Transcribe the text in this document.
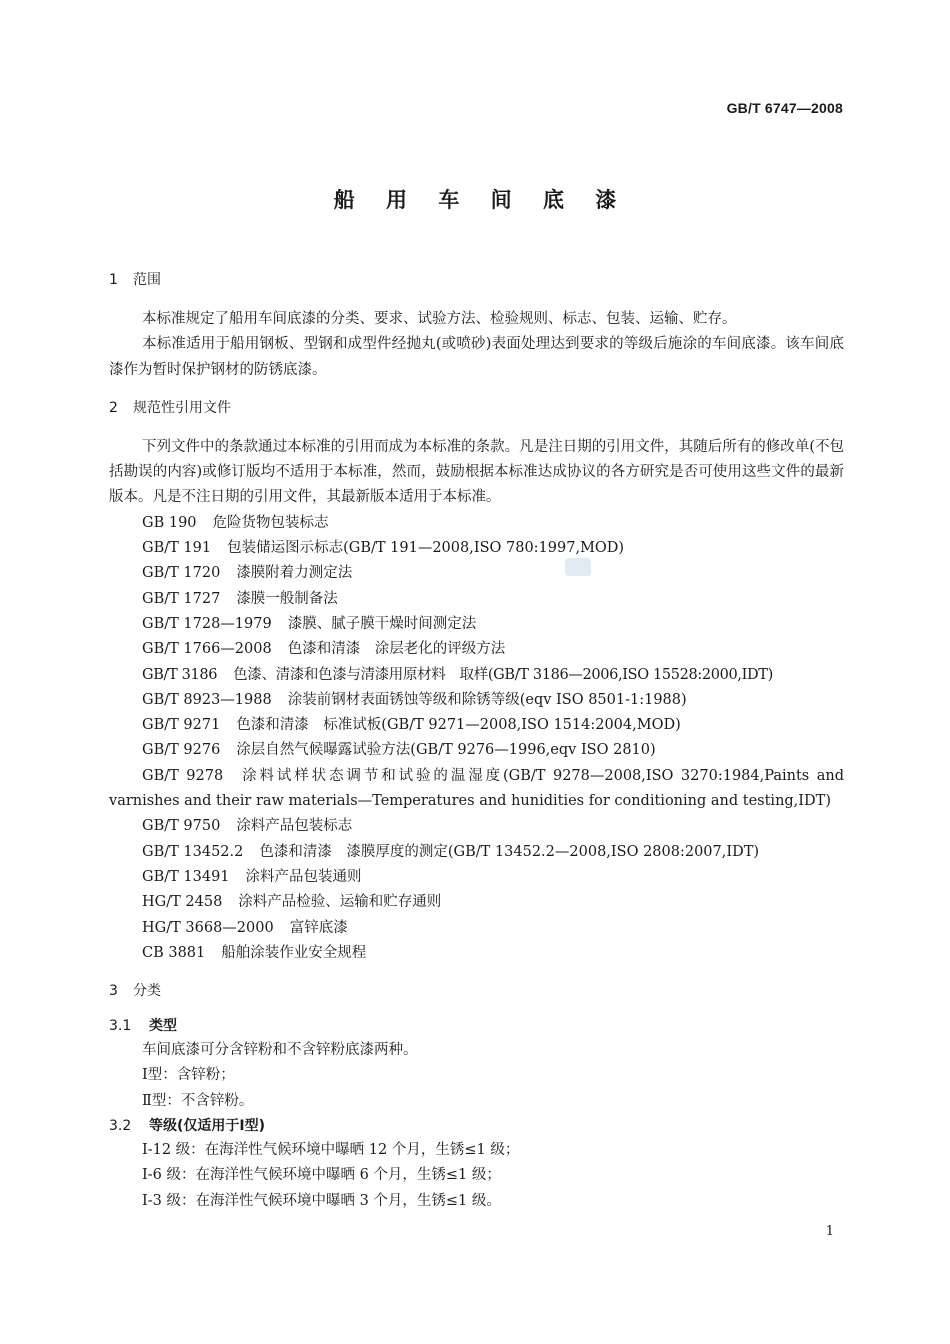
GB/T 6747—2008
船 用 车 间 底 漆
1 范围

本标准规定了船用车间底漆的分类、要求、试验方法、检验规则、标志、包装、运输、贮存。

本标准适用于船用钢板、型钢和成型件经抛丸(或喷砂)表面处理达到要求的等级后施涂的车间底漆。该车间底漆作为暂时保护钢材的防锈底漆。

2 规范性引用文件

下列文件中的条款通过本标准的引用而成为本标准的条款。凡是注日期的引用文件，其随后所有的修改单(不包括勘误的内容)或修订版均不适用于本标准，然而，鼓励根据本标准达成协议的各方研究是否可使用这些文件的最新版本。凡是不注日期的引用文件，其最新版本适用于本标准。

GB 190 危险货物包装标志
GB/T 191 包装储运图示标志(GB/T 191—2008,ISO 780:1997,MOD)
GB/T 1720 漆膜附着力测定法
GB/T 1727 漆膜一般制备法
GB/T 1728—1979 漆膜、腻子膜干燥时间测定法
GB/T 1766—2008 色漆和清漆　涂层老化的评级方法
GB/T 3186 色漆、清漆和色漆与清漆用原材料　取样(GB/T 3186—2006,ISO 15528:2000,IDT)
GB/T 8923—1988 涂装前钢材表面锈蚀等级和除锈等级(eqv ISO 8501-1:1988)
GB/T 9271 色漆和清漆　标准试板(GB/T 9271—2008,ISO 1514:2004,MOD)
GB/T 9276 涂层自然气候曝露试验方法(GB/T 9276—1996,eqv ISO 2810)
GB/T 9278 涂料试样状态调节和试验的温湿度(GB/T 9278—2008,ISO 3270:1984,Paints and varnishes and their raw materials—Temperatures and hunidities for conditioning and testing,IDT)
GB/T 9750 涂料产品包装标志
GB/T 13452.2 色漆和清漆　漆膜厚度的测定(GB/T 13452.2—2008,ISO 2808:2007,IDT)
GB/T 13491 涂料产品包装通则
HG/T 2458 涂料产品检验、运输和贮存通则
HG/T 3668—2000 富锌底漆
CB 3881 船舶涂装作业安全规程
3 分类
3.1 类型
车间底漆可分含锌粉和不含锌粉底漆两种。
Ⅰ型：含锌粉；
Ⅱ型：不含锌粉。
3.2 等级(仅适用于Ⅰ型)
Ⅰ-12 级：在海洋性气候环境中曝晒 12 个月，生锈≤1 级；
Ⅰ-6 级：在海洋性气候环境中曝晒 6 个月，生锈≤1 级；
Ⅰ-3 级：在海洋性气候环境中曝晒 3 个月，生锈≤1 级。
1
